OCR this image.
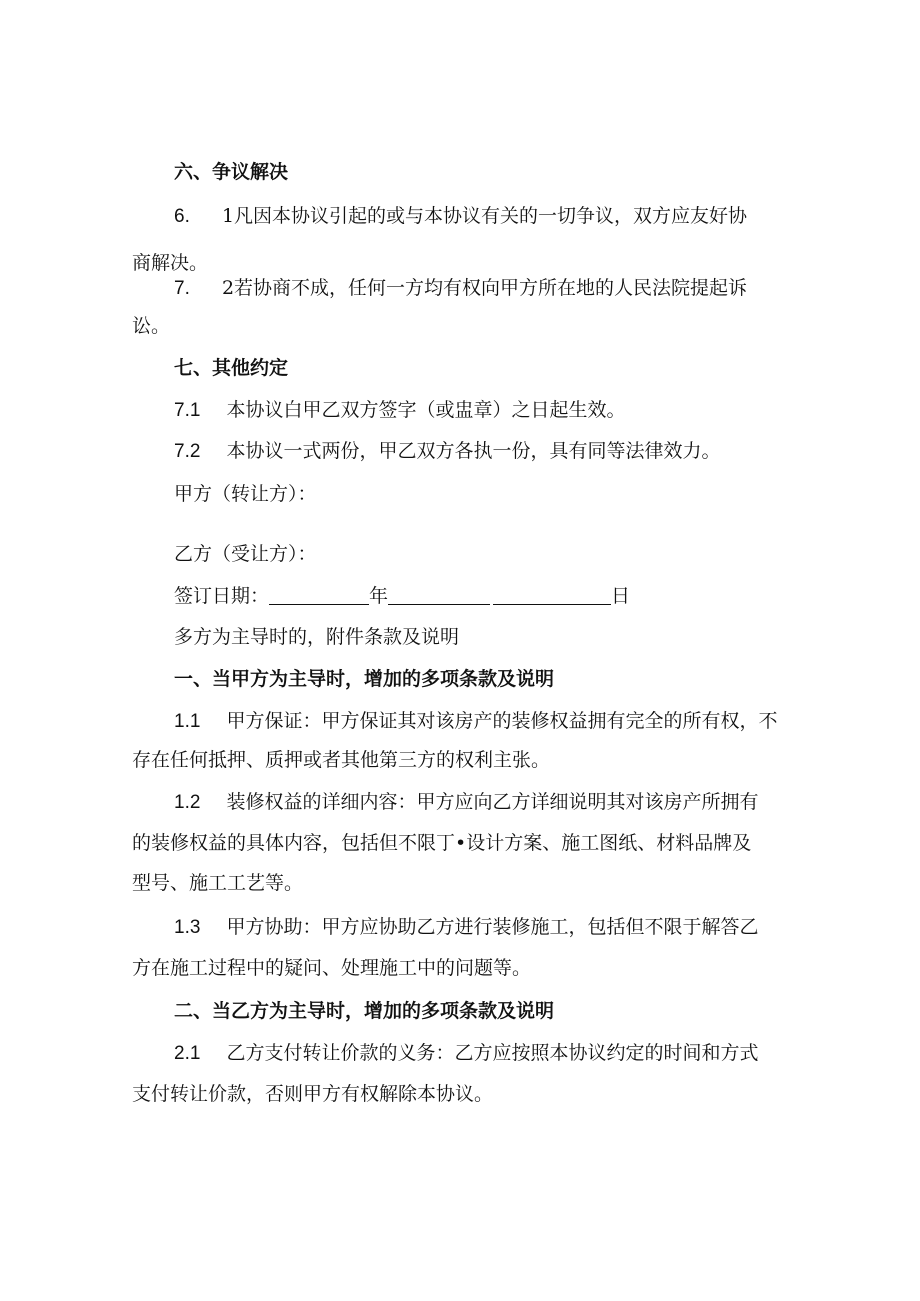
六、争议解决
6. 1凡因本协议引起的或与本协议有关的一切争议，双方应友好协
商解决。
7. 2若协商不成，任何一方均有权向甲方所在地的人民法院提起诉
讼。
七、其他约定
7.1 本协议白甲乙双方签字（或盅章）之日起生效。
7.2 本协议一式两份，甲乙双方各执一份，具有同等法律效力。
甲方（转让方）：
乙方（受让方）：
签订日期：	年	日
多方为主导时的，附件条款及说明
一、当甲方为主导时，增加的多项条款及说明
1.1 甲方保证：甲方保证其对该房产的装修权益拥有完全的所有权，不
存在任何抵押、质押或者其他第三方的权利主张。
1.2 装修权益的详细内容：甲方应向乙方详细说明其对该房产所拥有
的装修权益的具体内容，包括但不限丁•设计方案、施工图纸、材料品牌及
型号、施工工艺等。
1.3 甲方协助：甲方应协助乙方进行装修施工，包括但不限于解答乙
方在施工过程中的疑问、处理施工中的问题等。
二、当乙方为主导时，增加的多项条款及说明
2.1 乙方支付转让价款的义务：乙方应按照本协议约定的时间和方式
支付转让价款，否则甲方有权解除本协议。
